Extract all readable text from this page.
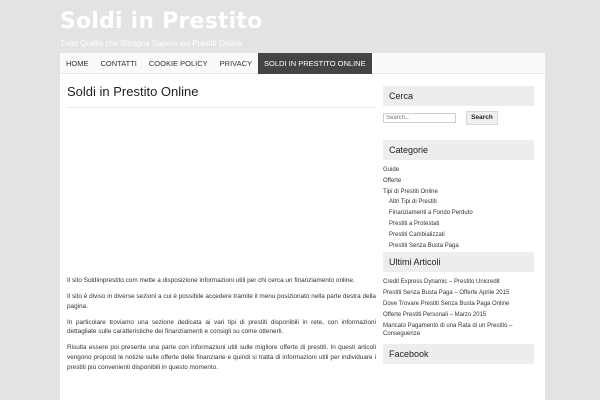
Soldi in Prestito
Tutto Quello che Bisogna Sapere sui Prestiti Online
HOME	CONTATTI	COOKIE POLICY	PRIVACY	SOLDI IN PRESTITO ONLINE
Soldi in Prestito Online

Il sito Soldiinprestito.com mette a disposizione informazioni utili per chi cerca un finanziamento online.

Il sito è diviso in diverse sezioni a cui è possibile accedere tramite il menu posizionato nella parte destra della pagina.

In particolare troviamo una sezione dedicata ai vari tipi di prestiti disponibili in rete, con informazioni dettagliate sulle caratteristiche dei finanziamenti e consigli su come ottenerli.

Risulta essere poi presente una parte con informazioni utili sulle migliore offerte di prestiti. In questi articoli vengono proposti le notizie sulle offerte delle finanziarie e quindi si tratta di informazioni utili per individuare i prestiti più convenienti disponibili in questo momento.

Cerca
Search...
Search
Categorie
Guide
Offerte
Tipi di Prestiti Online
Altri Tipi di Prestiti
Finanziamenti a Fondo Perduto
Prestiti a Protestati
Prestiti Cambializzati
Prestiti Senza Busta Paga
Ultimi Articoli
Credit Express Dynamic – Prestito Unicredit
Prestiti Senza Busta Paga – Offerte Aprile 2015
Dove Trovare Prestiti Senza Busta Paga Online
Offerte Prestiti Personali – Marzo 2015
Mancato Pagamento di una Rata di un Prestito – Conseguenze
Facebook
